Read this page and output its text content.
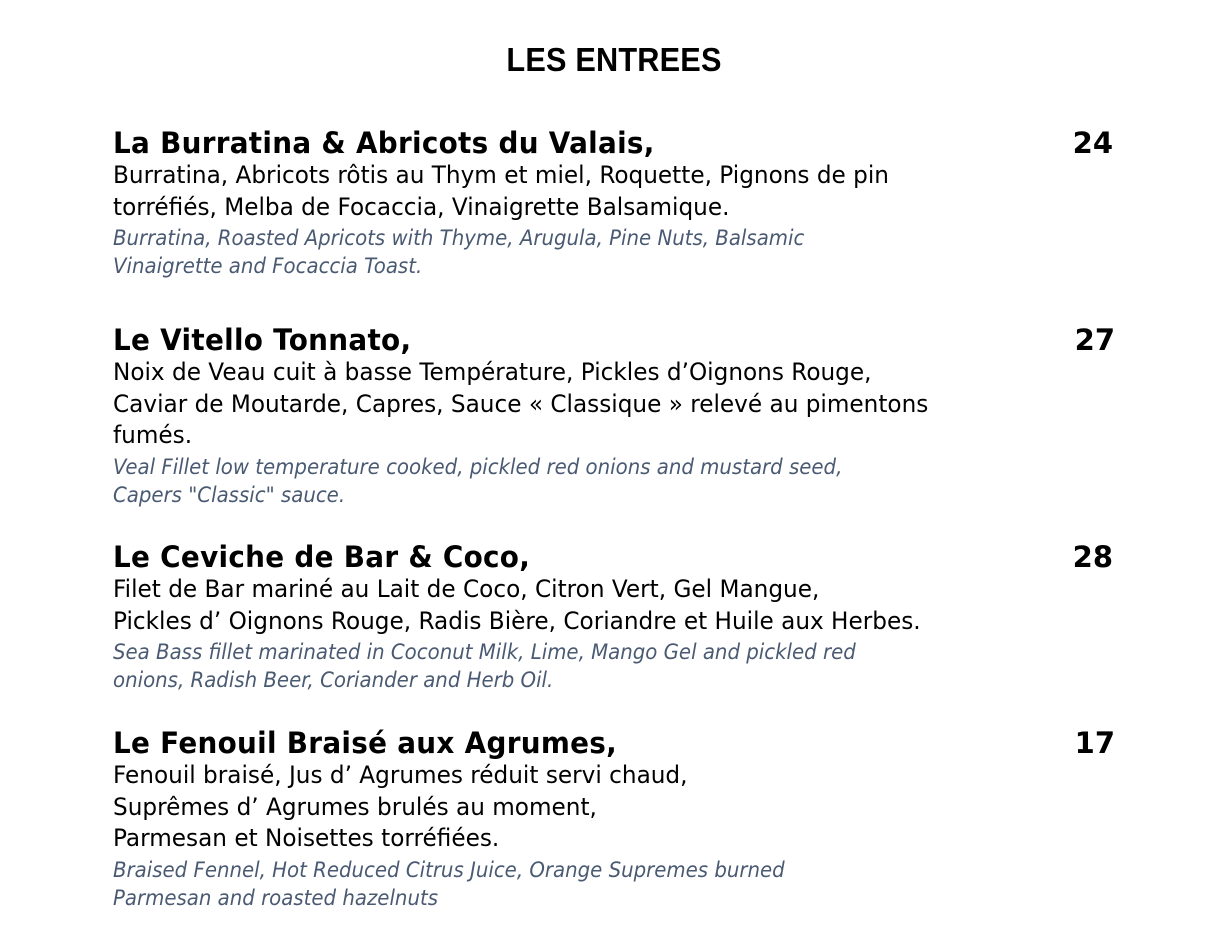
LES ENTREES
La Burratina & Abricots du Valais,	24
Burratina, Abricots rôtis au Thym et miel, Roquette, Pignons de pin
torréfiés, Melba de Focaccia, Vinaigrette Balsamique.
Burratina, Roasted Apricots with Thyme, Arugula, Pine Nuts, Balsamic
Vinaigrette and Focaccia Toast.
Le Vitello Tonnato,	27
Noix de Veau cuit à basse Température, Pickles d’Oignons Rouge,
Caviar de Moutarde, Capres, Sauce « Classique » relevé au pimentons
fumés.
Veal Fillet low temperature cooked, pickled red onions and mustard seed,
Capers "Classic" sauce.
Le Ceviche de Bar & Coco,	28
Filet de Bar mariné au Lait de Coco, Citron Vert, Gel Mangue,
Pickles d’ Oignons Rouge, Radis Bière, Coriandre et Huile aux Herbes.
Sea Bass fillet marinated in Coconut Milk, Lime, Mango Gel and pickled red
onions, Radish Beer, Coriander and Herb Oil.
Le Fenouil Braisé aux Agrumes,	17
Fenouil braisé, Jus d’ Agrumes réduit servi chaud,
Suprêmes d’ Agrumes brulés au moment,
Parmesan et Noisettes torréfiées.
Braised Fennel, Hot Reduced Citrus Juice, Orange Supremes burned
Parmesan and roasted hazelnuts
